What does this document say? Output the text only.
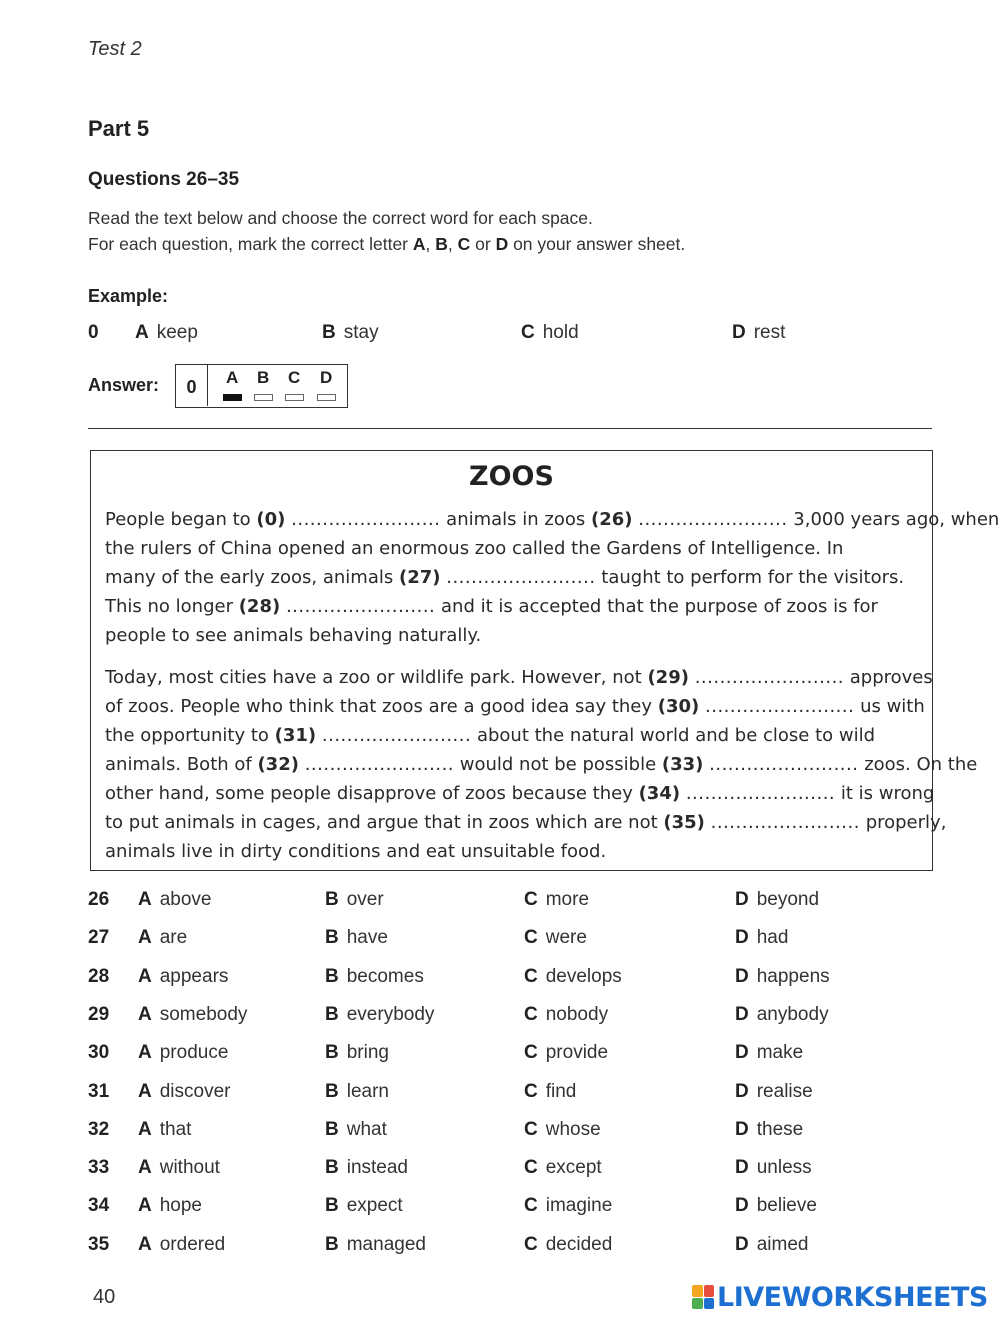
Test 2
Part 5
Questions 26–35
Read the text below and choose the correct word for each space.
For each question, mark the correct letter A, B, C or D on your answer sheet.
Example:
0 A keep	B stay	C hold	D rest
Answer:	0	A B C D
ZOOS
People began to (0) ........................ animals in zoos (26) ........................ 3,000 years ago, when
the rulers of China opened an enormous zoo called the Gardens of Intelligence. In
many of the early zoos, animals (27) ........................ taught to perform for the visitors.
This no longer (28) ........................ and it is accepted that the purpose of zoos is for
people to see animals behaving naturally.
Today, most cities have a zoo or wildlife park. However, not (29) ........................ approves
of zoos. People who think that zoos are a good idea say they (30) ........................ us with
the opportunity to (31) ........................ about the natural world and be close to wild
animals. Both of (32) ........................ would not be possible (33) ........................ zoos. On the
other hand, some people disapprove of zoos because they (34) ........................ it is wrong
to put animals in cages, and argue that in zoos which are not (35) ........................ properly,
animals live in dirty conditions and eat unsuitable food.
26 A above	B over	C more	D beyond
27 A are	B have	C were	D had
28 A appears	B becomes	C develops	D happens
29 A somebody	B everybody	C nobody	D anybody
30 A produce	B bring	C provide	D make
31 A discover	B learn	C find	D realise
32 A that	B what	C whose	D these
33 A without	B instead	C except	D unless
34 A hope	B expect	C imagine	D believe
35 A ordered	B managed	C decided	D aimed
40	LIVEWORKSHEETS
